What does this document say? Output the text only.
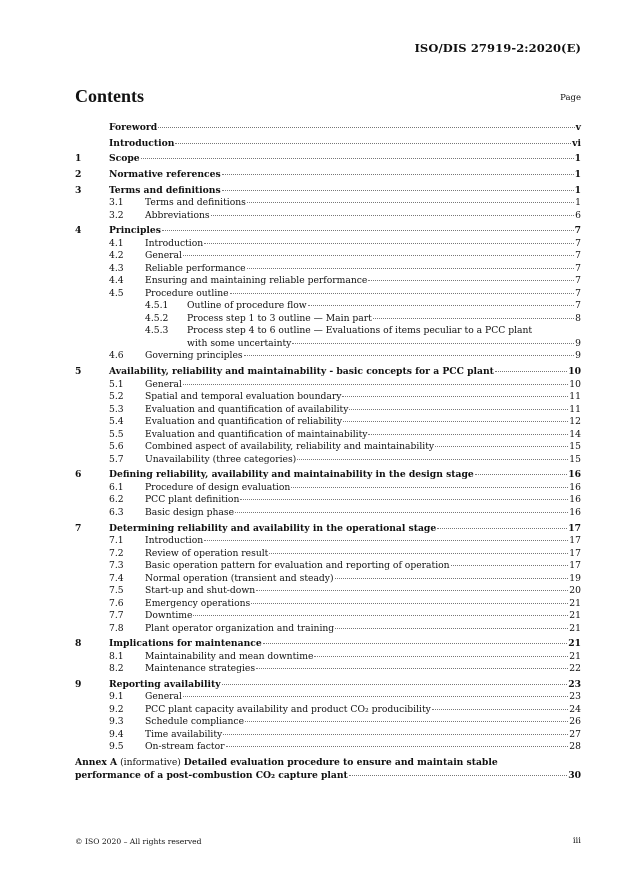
ISO/DIS 27919-2:2020(E)
Contents	Page
Foreword	v
Introduction	vi
1	Scope	1
2	Normative references	1
3	Terms and definitions	1
3.1	Terms and definitions	1
3.2	Abbreviations	6
4	Principles	7
4.1	Introduction	7
4.2	General	7
4.3	Reliable performance	7
4.4	Ensuring and maintaining reliable performance	7
4.5	Procedure outline	7
4.5.1	Outline of procedure flow	7
4.5.2	Process step 1 to 3 outline — Main part	8
4.5.3	Process step 4 to 6 outline — Evaluations of items peculiar to a PCC plant
with some uncertainty	9
4.6	Governing principles	9
5	Availability, reliability and maintainability - basic concepts for a PCC plant	10
5.1	General	10
5.2	Spatial and temporal evaluation boundary	11
5.3	Evaluation and quantification of availability	11
5.4	Evaluation and quantification of reliability	12
5.5	Evaluation and quantification of maintainability	14
5.6	Combined aspect of availability, reliability and maintainability	15
5.7	Unavailability (three categories)	15
6	Defining reliability, availability and maintainability in the design stage	16
6.1	Procedure of design evaluation	16
6.2	PCC plant definition	16
6.3	Basic design phase	16
7	Determining reliability and availability in the operational stage	17
7.1	Introduction	17
7.2	Review of operation result	17
7.3	Basic operation pattern for evaluation and reporting of operation	17
7.4	Normal operation (transient and steady)	19
7.5	Start-up and shut-down	20
7.6	Emergency operations	21
7.7	Downtime	21
7.8	Plant operator organization and training	21
8	Implications for maintenance	21
8.1	Maintainability and mean downtime	21
8.2	Maintenance strategies	22
9	Reporting availability	23
9.1	General	23
9.2	PCC plant capacity availability and product CO₂ producibility	24
9.3	Schedule compliance	26
9.4	Time availability	27
9.5	On-stream factor	28
Annex A (informative) Detailed evaluation procedure to ensure and maintain stable
performance of a post-combustion CO₂ capture plant	30
© ISO 2020 – All rights reserved	iii
